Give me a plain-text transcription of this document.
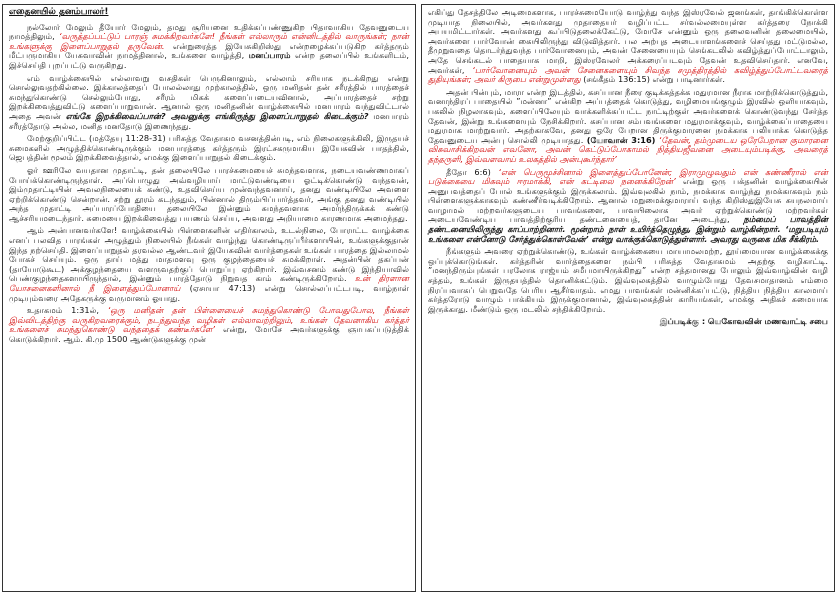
எதைனயில் தனம்பாலர்!

நல்லோர் மேலும் தீயோர் மேலும், தமது சூரியனை உதிக்கப்பண்ணுகிற பிதாவாகிய தேவனுடைய நாமத்திலும், ‘வருத்தப்பட்டுப் பாரஞ் சுமக்கிறவர்களே! நீங்கள் எல்லாரும் என்னிடத்தில் வாருங்கள்; நான் உங்களுக்கு இளைப்பாறுதல் தருவேன். என்றுரைத்த இயேசுகிறிஸ்து என்றழைக்கப்படுகிற கர்த்தரும் மீட்பருமாகிய யேசுவாவின் நாமத்தினால், உங்களை வாழ்த்தி, மனப்பாரம் என்ற தலைப்பில் உங்களிடம், இச்செய்தி புறப்பட்டு வருகிறது.

எம் வாழ்க்கையில் எல்லாவறு வசதிகள் பெருகினாலும், எல்லாம் சரியாக நடக்கிறது என்று சொல்லுவதற்கில்லை. இக்காலத்தைப் போலல்லாது முற்காலத்தில், ஒரு மனிதன் தன் சரீரத்தில் பாரத்தைச் சுமந்துகொண்டு செல்லும்போது, சரீரம் மிகக் களைப்படையவினால், அப்பாரத்தைச் சற்று இறக்கிவைத்துவிட்டு களைப்பாறுவான். ஆனால் ஒரு மனிதனின் வாழ்க்கையில் மனபாரம் வந்துவிட்டால் அதை அவன் எங்கே இறக்கிவைப்பான்? அவனுக்கு எங்கிருந்து இளைப்பாறுதல் கிடைக்கும்? மனபாரம் சரீரத்தோடு அல்ல, மனித மனதோடு இணைந்தது.

மேற்குறிப்பிட்ட (மத்தேயு 11:28-31) பரிசுத்த வேதாகம வசனத்தின்படி, எம் நிலைகளுக்கிலி, இருதயச் சுமைகளில் அழுத்திக்கொண்டிருக்கும் மனபாரத்தை கர்த்தரும் இரட்சகருமாகிய இயேசுவின் பாதத்தில், ஜெபத்தின் மூலம் இறக்கிவைத்தால், எமக்கு இளைப்பாறுதல் கிடைக்கும்.

ஓர் ஊரிலே வயதான முதாட்டி, தன் தலையிலே பாரச்சுமையைச் சுமந்தவளாக, நடையவண்ணமாகப் போய்க்கொண்டிருந்தாள். அப்பொழுது அவ்வழியாய் மாட்டுவண்டியை ஓட்டிக்கொண்டு வந்தவன், இம்முதாட்டியின் அவலநிலையைக் கண்டு, உதவிசெய்ய முன்வந்தவனாய், தனது வண்டியிலே அவளை ஏற்றிக்கொண்டு சென்றான். சற்று தூரம் கடந்ததும், பின்னால் திரும்பிப்பார்த்தவர், அங்கு தனது வண்டியில் அந்த முதாட்டி அப்பாரப்போதியை தலையிலே இன்னும் சுமந்தவளாக அமர்ந்திருக்கக் கண்டு ஆச்சரியமடைந்தார். சுமையை இறக்கிவைத்து பயணம் செய்ய, அவளது அறியாமை காரணமாக அமைந்தது.

ஆம் அன்பானவர்களே! வாழ்க்கையில் பிள்ளைகளின் எதிர்காலம், உடல்நிலை, போராட்ட வாழ்க்கை எனப் பலவித பாரங்கள் அழுத்தும் நிலையில் நீங்கள் வாழ்ந்து கொண்டிருப்பீர்களாயின், உங்களுக்குதான் இந்த நற்செய்தி. இளைப்பாறுதல் தரவல்ல ஆண்டவர் இயேசுவின் வார்த்தைகள் உங்கள் பாரத்தை இல்லாமல் போகச் செய்யும். ஒரு தாய் மத்து மாதமளவு ஒரு குழந்தையைச் சுமக்கிறாள். அதன்பின் தகப்பன் (தாயோடுகூட) அக்குழந்தையை வளருவதற்குப் பொறுப்பு ஏற்கிறார். இவ்வசனம் கண்டு இந்தியாவில் பெண்குழந்தைகளாயிருந்தால், இன்னும் பாரத்தோடு நிறுவத காம் கண்டிருக்கிறோம். உன் திரளான யோசனைகளினால் நீ இளைத்துப்போனாய் (ஏசாயா 47:13) என்று சொல்லப்பட்டபடி, வாழ்நாள் முடியும்வரை அதேகருக்கு வருமானம் ஓயாது.

உதாகமம் 1:31ல், ‘ஒரு மனிதன் தன் பிள்ளையைச் சுமந்துகொண்டு போவதுபோல, நீங்கள் இவ்விடத்திற்கு வருகிறவரைக்கும், நடந்துவந்த வழிகள் எல்லாவற்றிலும், உங்கள் தேவனாகிய கர்த்தர் உங்களைச் சுமந்துகொண்டு வந்ததைக் கண்டீர்களே’ என்று, மோசே அவர்களுக்கு ஞாபகப்படுத்திக் கொடுக்கிறார். ஆம். கி.மு 1500 ஆண்டுகளுக்கு முன்

எகிப்து தேசத்திலே அடிமைகளாக, பாரச்சுமையோடு வாழ்ந்து வந்த இஸ்ரவேல் ஜனங்கள், தாங்கிக்கொள்ள முடியாத நிலையில், அவர்களது முதாதையர் வழிப்பட்ட சர்வல்லமையுள்ள கர்த்தரை நோக்கி அபயமிட்டார்கள். அவர்களது கூப்பிடுதலைக்கேட்டு, மோசே என்னும் ஒரு தலைவனின் தலைமையில், அவர்களை பார்வோன் கையிலிருந்து விடுவித்தார். பல அற்புத அடையாளங்களைச் செய்தது மட்டுமல்ல, தீமுறுவதை தொடர்ந்துவந்த பார்வோனையும், அவன் சேனையையும் செங்கடலில் கவிழ்த்துப்போட்டாலும், அதே செங்கடல் பாதையாக மாறி, இஸ்ரவேலர் அக்கரைப்படவும் தேவன் உதவிசெய்தார். எனவே, அவர்கள், ‘பார்வோனையும் அவன் சேனைகளையும் சிவந்த சமுத்திரத்தில் கவிழ்த்துப்போட்டவரைத் துதியுங்கள்; அவர் கிருபை என்றுமுள்ளது (சங்கீதம் 136:15) என்று பாடினார்கள்.

அதன் பின்பும், மாரா என்ற இடத்தில், கசப்பான நீரை குடிக்கத்தக்க மதுரமான நீராக மாற்றிக்கொடுத்தும், வனாந்திரப் பாதையில் ”மன்னா” என்கிற அப்பத்தைக் கொடுத்து, வழிமையங்குழும் இரவில் ஒளியாகவும், பகலில் நிழலாகவும், களைப்பிலேயும் வாக்களிக்கப்பட்ட நாட்டிற்குள் அவர்களைக் கொண்டுவந்து சேர்த்த தேவன், இன்று உங்களையும் நேசிக்கிறார். கசப்பான சம்பவங்களை மதுரமாக்குவும், வாழ்க்கைப்பாதையை மதுரமாக மாற்றுவார். அதற்காகவே, தனது ஒரே பேறான திருக்குமாரனை நமக்காக பலியாக்க கொடுத்த தேவனுடைய அன்பு சொல்லி முடியாதது. (யோவான் 3:16) ‘தேவன், தம்முடைய ஒரேபேறான குமாரனை விசுவாசிக்கிறவன் எவனோ, அவன் கெட்டுப்போகாமல் நித்தியஜீவனை அடையும்படிக்கு, அவரைத் தந்தருளி, இவ்வளவாய் உலகத்தில் அன்புகூர்ந்தார்’

தீதோ 6:6) ‘என் பெருமூச்சினால் இளைத்துப்போனேன்; இராமுழுவதும் என் கண்ணீரால் என் படுக்கையை மிகவும் ஈரமாக்கி, என் கட்டிலை நனைக்கிறேன்’ என்று ஒரு பக்தனின் வாழ்க்கையின் அனுபவத்தைப் போல் உங்களுக்கும் இருக்கலாம். இவ்வுலகில் நாம், நமக்காக வாழ்ந்து நமக்காகவும் நம் பிள்ளைகளுக்காகவும் கண்ணீர்வடிக்கிறோம். ஆனால் மறுமைக்குமாராய் வந்த கிறிஸ்துஇயேசு சுயநலமாய் வாழாமல் மற்றவர்களுடைய பாவங்களை, பாவயிலைாக அவர் ஏற்றுக்கொண்டு மற்றவர்கள் அடையவேண்டிய பாவத்திற்குரிய தண்டனையைத், தானே அடைந்து, நம்மைப் பாவத்தின் தண்டனையிலிருந்து காப்பாற்றினார். மூன்றாம் நாள் உயிர்த்தெழுந்து, இன்றும் வாழ்கின்றார். ‘மறுபடியும் உங்களை என்னோடு சேர்த்துக்கொள்வேன்’ என்று வாக்குக்கொடுத்துள்ளார். அவரது வருகை மிக சீக்கிரம்.

நீங்களும் அவரை ஏற்றுக்கொண்டு, உங்கள் வாழ்க்கையை மாயாமலமற்ற, தூய்மையான வாழ்க்கைக்கு ஒப்புக்கொடுங்கள். கர்த்தரின் வார்த்தைகளை நம்பி பரிசுத்த வேதாகமம் அதற்கு வழிகாட்டி. ”மனந்திரும்புங்கள் பரலோக ராஜ்யம் சமீபமாயிருக்கிறது” என்ற சத்தமானது போலும் இவ்வாழ்வின் வழி சத்தம், உங்கள் இருதயத்தில் தொனிக்கட்டும். இவ்வுலகத்தில் வாழும்போது தேவசமாதானம் எம்மை நிரப்பவாகப் பெறுவதே பெரிய ஆசீர்வாதம். எமது பாவங்கள் மன்னிக்கப்பட்டு, நித்திய நித்திய காலமாய் கர்த்தரோடு வாழும் பாக்கியம் இருக்குமானால், இவ்வுலகத்தின் காரியங்கள், எமக்கு அதிகச் சுமையாக இருக்காது. மீண்டும் ஒரு மடலில் சந்திக்கிறோம்.

இப்படிக்கு : யெகோவவின் மணவாட்டி சபை
